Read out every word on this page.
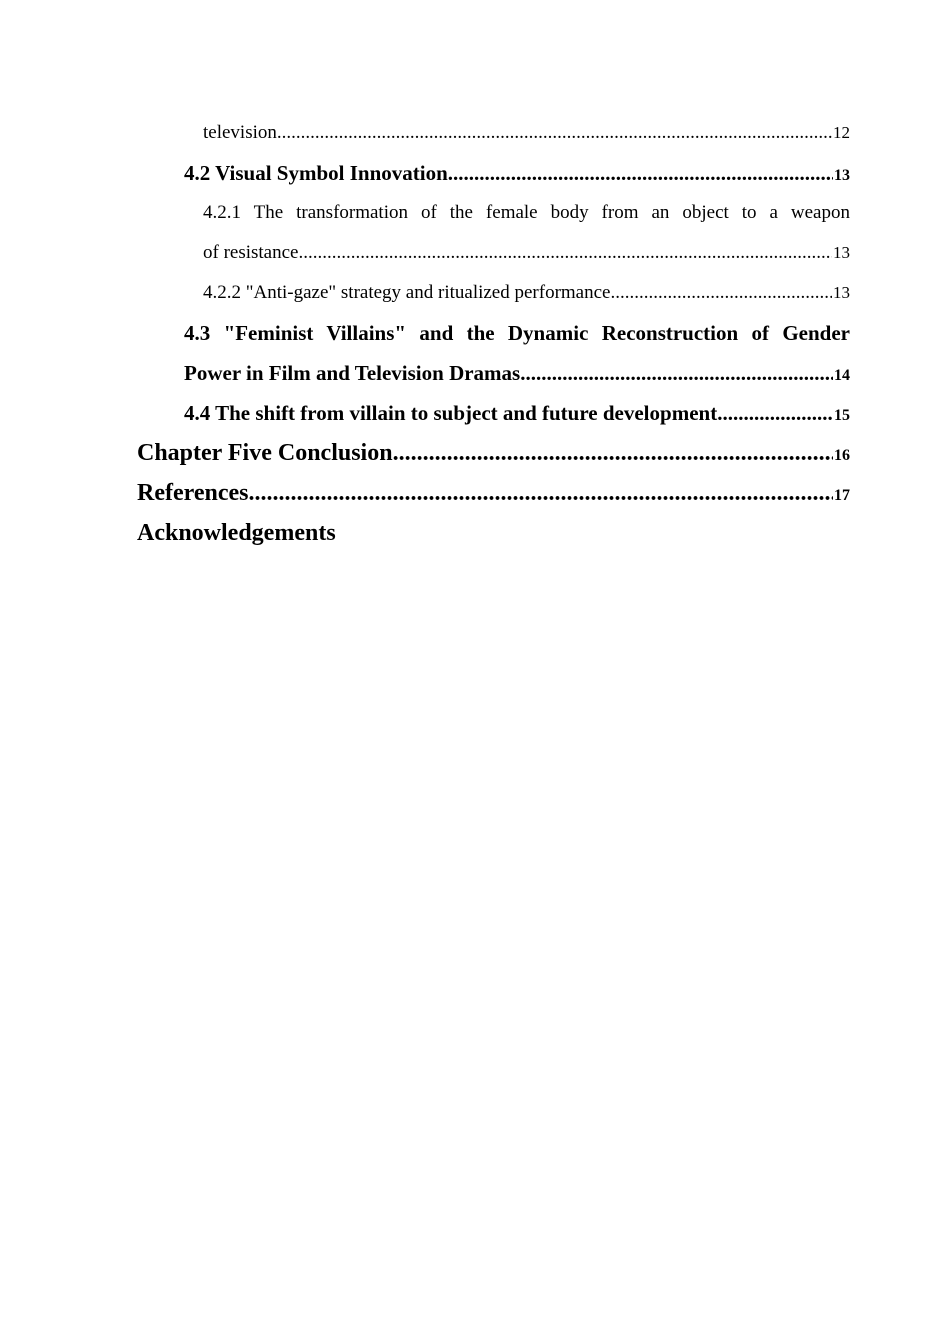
television .....	12
4.2 Visual Symbol Innovation .....	13
4.2.1 The transformation of the female body from an object to a weapon
of resistance .....	13
4.2.2 "Anti-gaze" strategy and ritualized performance .....	13
4.3 "Feminist Villains" and the Dynamic Reconstruction of Gender
Power in Film and Television Dramas .....	14
4.4 The shift from villain to subject and future development .....	15
Chapter Five Conclusion .....	16
References .....	17
Acknowledgements
